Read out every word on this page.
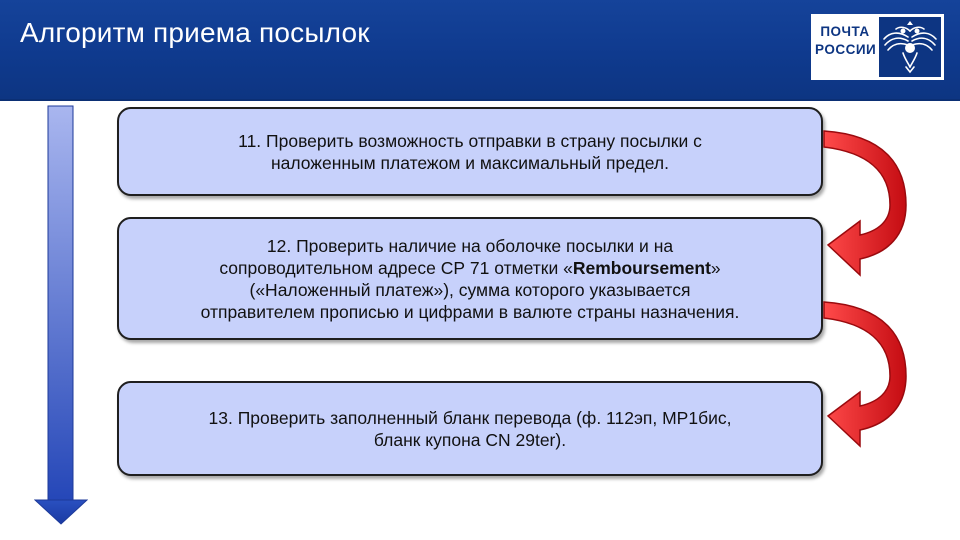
Алгоритм приема посылок	ПОЧТА
РОССИИ

11. Проверить возможность отправки в страну посылки с
наложенным платежом и максимальный предел.

12. Проверить наличие на оболочке посылки и на
сопроводительном адресе СР 71 отметки «Remboursement»
(«Наложенный платеж»), сумма которого указывается
отправителем прописью и цифрами в валюте страны назначения.

13. Проверить заполненный бланк перевода (ф. 112эп, МР1бис,
бланк купона CN 29ter).
